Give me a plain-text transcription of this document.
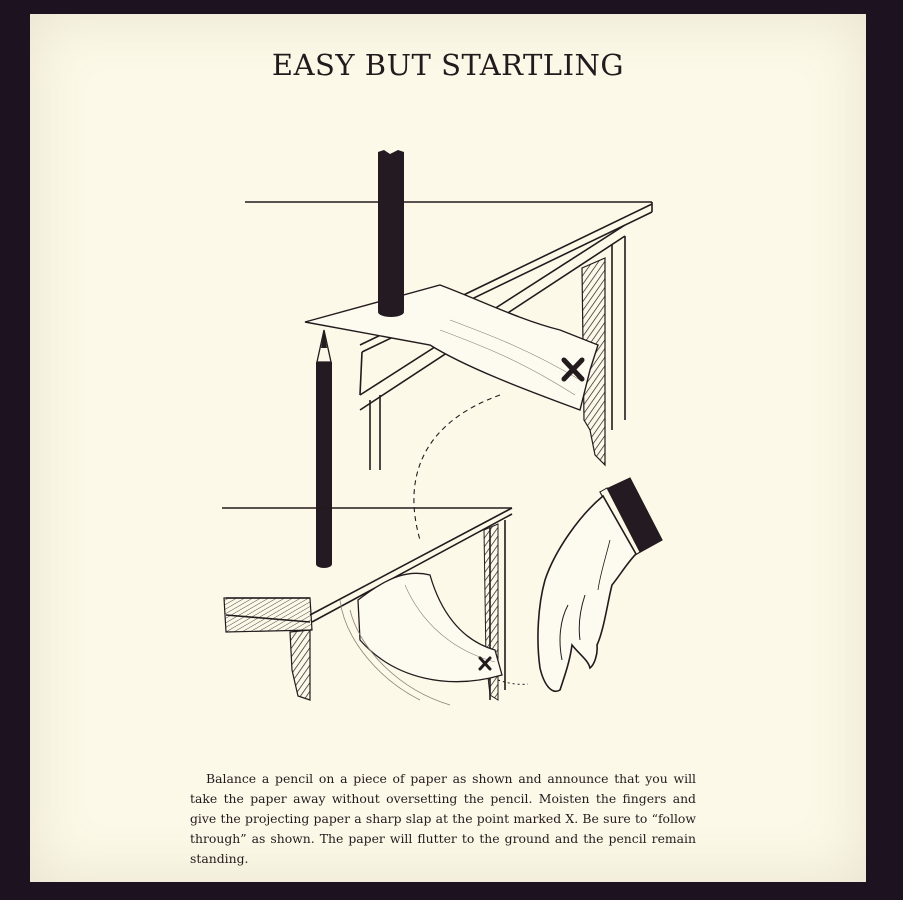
EASY BUT STARTLING

Balance a pencil on a piece of paper as shown and announce that you will take the paper away without oversetting the pencil. Moisten the fingers and give the projecting paper a sharp slap at the point marked X. Be sure to “follow through” as shown. The paper will flutter to the ground and the pencil remain standing.
